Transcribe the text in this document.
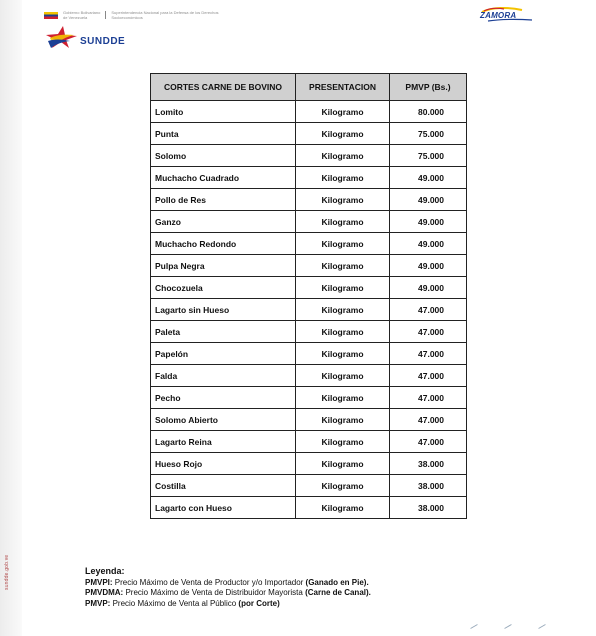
sundde.gob.ve
Gobierno Bolivariano
de Venezuela
Superintendencia Nacional para la Defensa de los Derechos Socioeconómicos
SUNDDE
ZAMORA
CORTES CARNE DE BOVINO	PRESENTACION	PMVP (Bs.)
Lomito	Kilogramo	80.000
Punta	Kilogramo	75.000
Solomo	Kilogramo	75.000
Muchacho Cuadrado	Kilogramo	49.000
Pollo de Res	Kilogramo	49.000
Ganzo	Kilogramo	49.000
Muchacho Redondo	Kilogramo	49.000
Pulpa Negra	Kilogramo	49.000
Chocozuela	Kilogramo	49.000
Lagarto sin Hueso	Kilogramo	47.000
Paleta	Kilogramo	47.000
Papelón	Kilogramo	47.000
Falda	Kilogramo	47.000
Pecho	Kilogramo	47.000
Solomo Abierto	Kilogramo	47.000
Lagarto Reina	Kilogramo	47.000
Hueso Rojo	Kilogramo	38.000
Costilla	Kilogramo	38.000
Lagarto con Hueso	Kilogramo	38.000
Leyenda:
PMVPI: Precio Máximo de Venta de Productor y/o Importador (Ganado en Pie).
PMVDMA: Precio Máximo de Venta de Distribuidor Mayorista (Carne de Canal).
PMVP: Precio Máximo de Venta al Público (por Corte)
